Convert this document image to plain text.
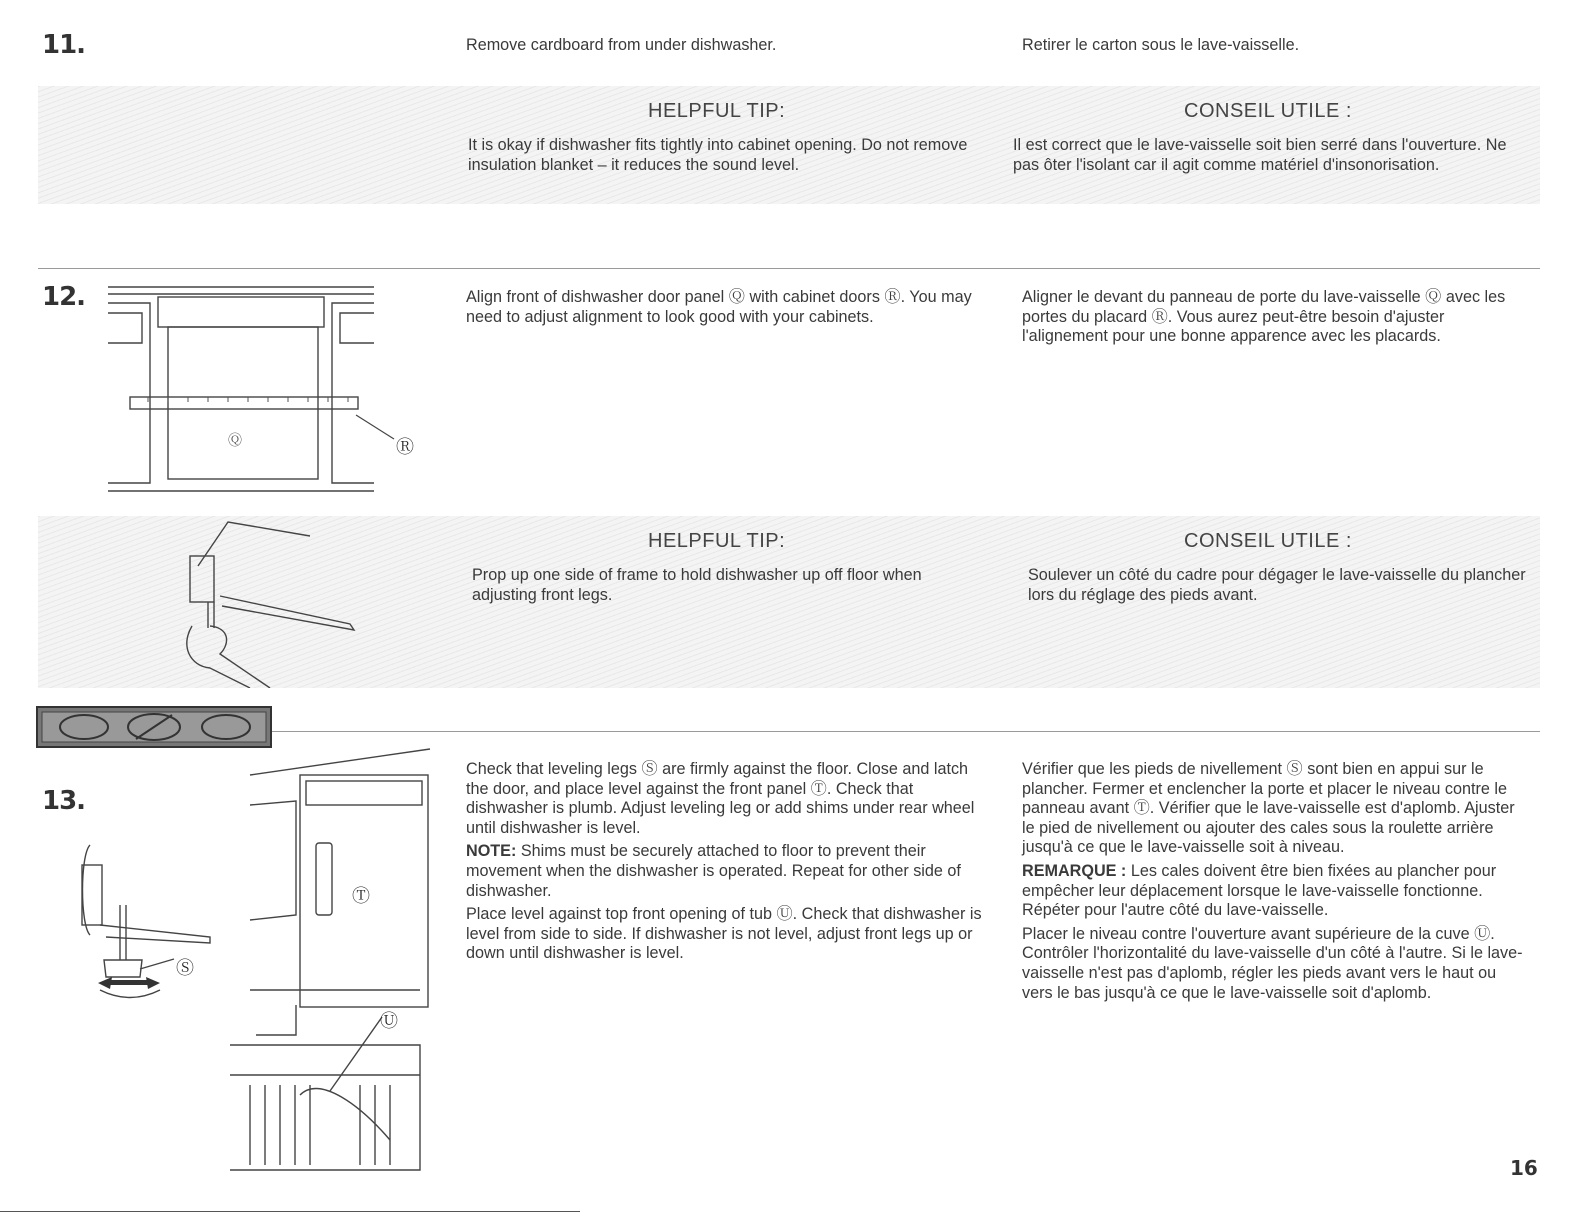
11.	Remove cardboard from under dishwasher.	Retirer le carton sous le lave-vaisselle.
HELPFUL TIP:	CONSEIL UTILE :
It is okay if dishwasher fits tightly into cabinet opening. Do not remove insulation blanket – it reduces the sound level.
Il est correct que le lave-vaisselle soit bien serré dans l'ouverture. Ne pas ôter l'isolant car il agit comme matériel d'insonorisation.
12.
Ⓠ	Ⓡ
Align front of dishwasher door panel Ⓠ with cabinet doors Ⓡ. You may need to adjust alignment to look good with your cabinets.
Aligner le devant du panneau de porte du lave-vaisselle Ⓠ avec les portes du placard Ⓡ. Vous aurez peut-être besoin d'ajuster l'alignement pour une bonne apparence avec les placards.
HELPFUL TIP:	CONSEIL UTILE :
Prop up one side of frame to hold dishwasher up off floor when adjusting front legs.
Soulever un côté du cadre pour dégager le lave-vaisselle du plancher lors du réglage des pieds avant.
13.
Ⓢ
Ⓣ
Ⓤ

Check that leveling legs Ⓢ are firmly against the floor. Close and latch the door, and place level against the front panel Ⓣ. Check that dishwasher is plumb. Adjust leveling leg or add shims under rear wheel until dishwasher is level.

NOTE: Shims must be securely attached to floor to prevent their movement when the dishwasher is operated. Repeat for other side of dishwasher.

Place level against top front opening of tub Ⓤ. Check that dishwasher is level from side to side. If dishwasher is not level, adjust front legs up or down until dishwasher is level.

Vérifier que les pieds de nivellement Ⓢ sont bien en appui sur le plancher. Fermer et enclencher la porte et placer le niveau contre le panneau avant Ⓣ. Vérifier que le lave-vaisselle est d'aplomb. Ajuster le pied de nivellement ou ajouter des cales sous la roulette arrière jusqu'à ce que le lave-vaisselle soit à niveau.

REMARQUE : Les cales doivent être bien fixées au plancher pour empêcher leur déplacement lorsque le lave-vaisselle fonctionne. Répéter pour l'autre côté du lave-vaisselle.

Placer le niveau contre l'ouverture avant supérieure de la cuve Ⓤ. Contrôler l'horizontalité du lave-vaisselle d'un côté à l'autre. Si le lave-vaisselle n'est pas d'aplomb, régler les pieds avant vers le haut ou vers le bas jusqu'à ce que le lave-vaisselle soit d'aplomb.

16
